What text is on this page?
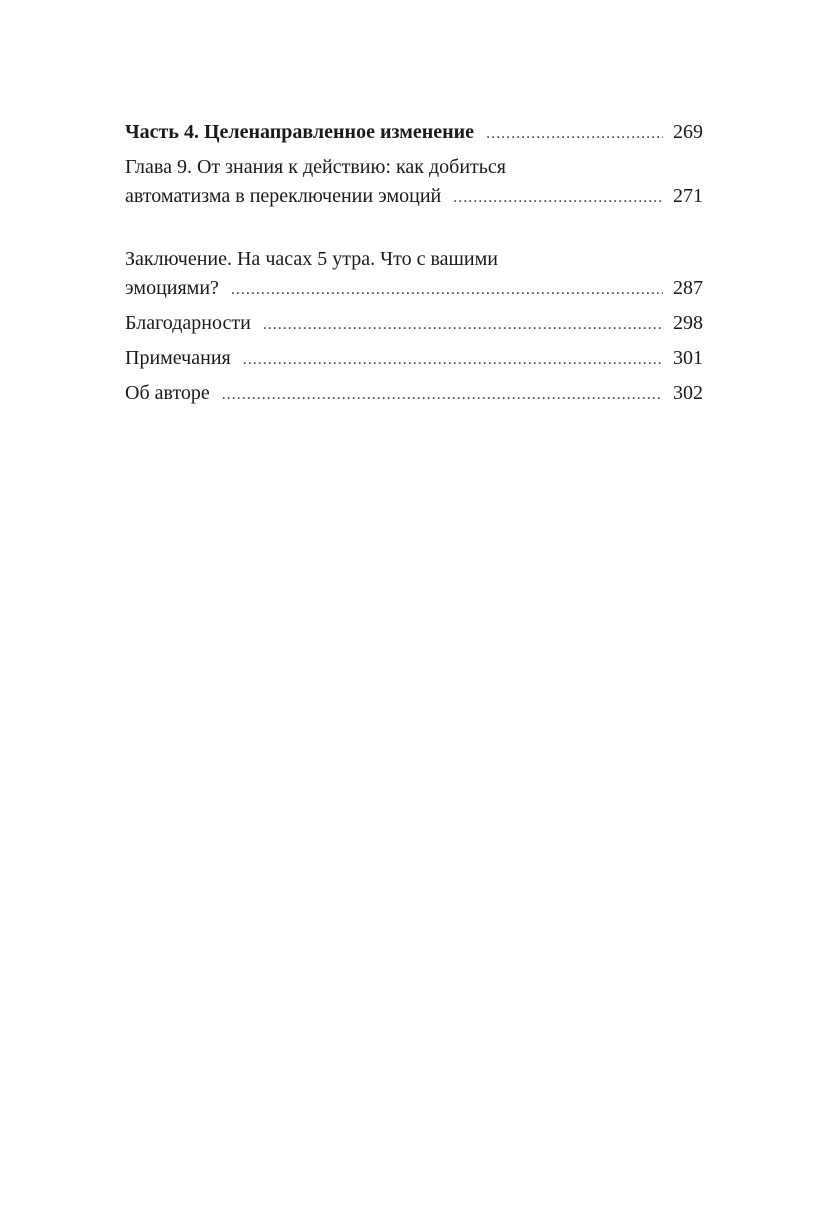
Часть 4. Целенаправленное изменение .....	269
Глава 9. От знания к действию: как добиться
автоматизма в переключении эмоций .....	271
Заключение. На часах 5 утра. Что с вашими
эмоциями? .....	287
Благодарности .....	298
Примечания .....	301
Об авторе .....	302
